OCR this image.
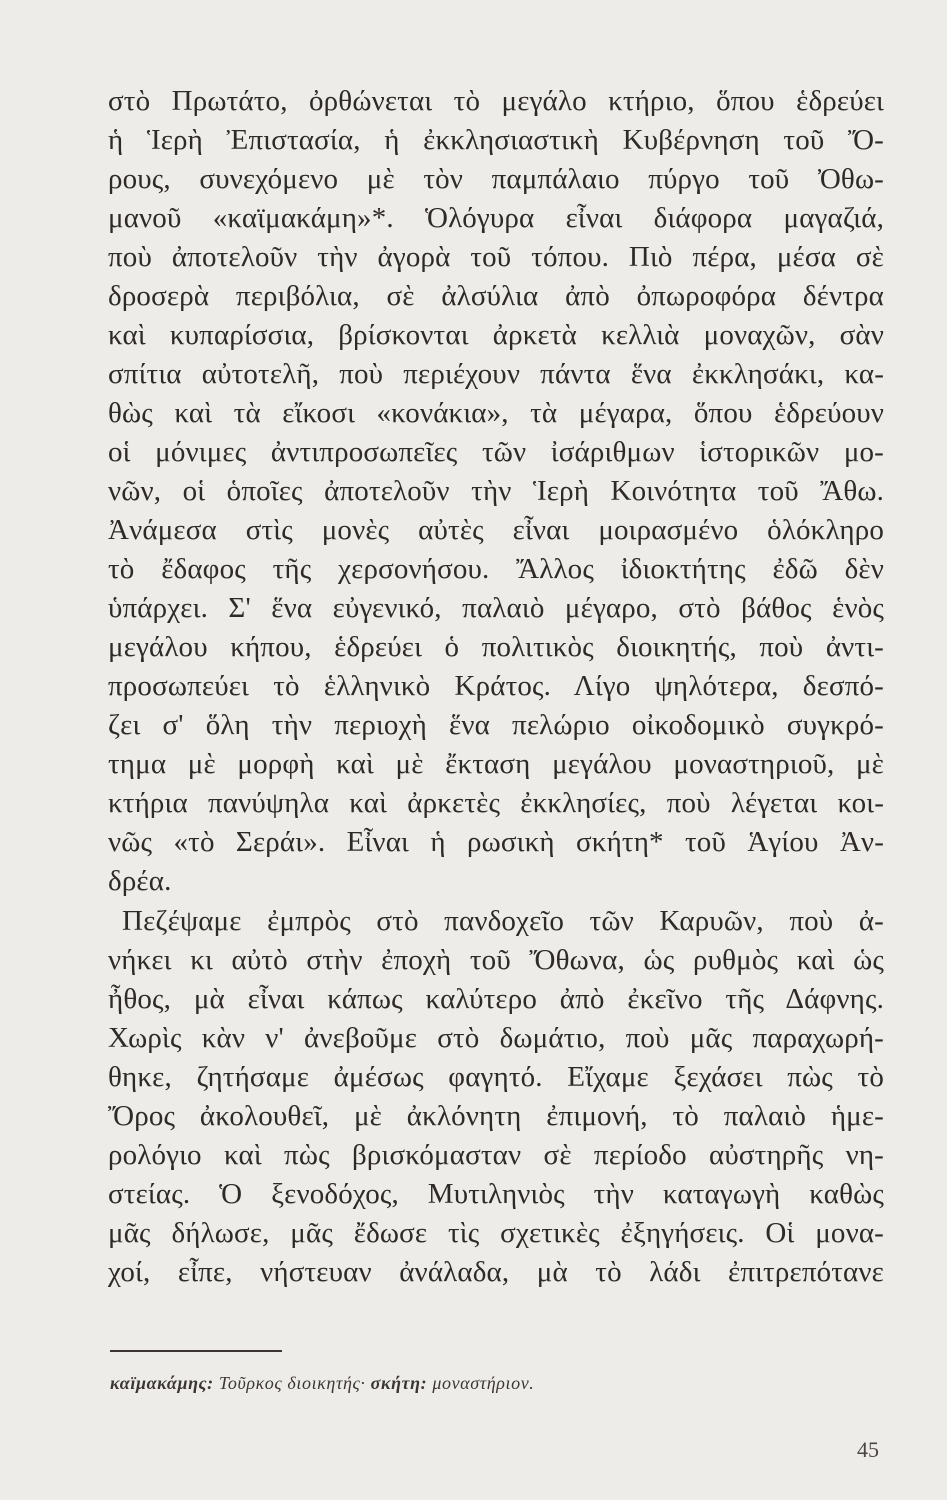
στὸ Πρωτάτο, ὀρθώνεται τὸ μεγάλο κτήριο, ὅπου ἑδρεύει
ἡ Ἱερὴ Ἐπιστασία, ἡ ἐκκλησιαστικὴ Κυβέρνηση τοῦ Ὄ-
ρους, συνεχόμενο μὲ τὸν παμπάλαιο πύργο τοῦ Ὀθω-
μανοῦ «καϊμακάμη»*. Ὁλόγυρα εἶναι διάφορα μαγαζιά,
ποὺ ἀποτελοῦν τὴν ἀγορὰ τοῦ τόπου. Πιὸ πέρα, μέσα σὲ
δροσερὰ περιβόλια, σὲ ἀλσύλια ἀπὸ ὀπωροφόρα δέντρα
καὶ κυπαρίσσια, βρίσκονται ἀρκετὰ κελλιὰ μοναχῶν, σὰν
σπίτια αὐτοτελῆ, ποὺ περιέχουν πάντα ἕνα ἐκκλησάκι, κα-
θὼς καὶ τὰ εἴκοσι «κονάκια», τὰ μέγαρα, ὅπου ἑδρεύουν
οἱ μόνιμες ἀντιπροσωπεῖες τῶν ἰσάριθμων ἱστορικῶν μο-
νῶν, οἱ ὁποῖες ἀποτελοῦν τὴν Ἱερὴ Κοινότητα τοῦ Ἄθω.
Ἀνάμεσα στὶς μονὲς αὐτὲς εἶναι μοιρασμένο ὁλόκληρο
τὸ ἔδαφος τῆς χερσονήσου. Ἄλλος ἰδιοκτήτης ἐδῶ δὲν
ὑπάρχει. Σ' ἕνα εὐγενικό, παλαιὸ μέγαρο, στὸ βάθος ἑνὸς
μεγάλου κήπου, ἑδρεύει ὁ πολιτικὸς διοικητής, ποὺ ἀντι-
προσωπεύει τὸ ἑλληνικὸ Κράτος. Λίγο ψηλότερα, δεσπό-
ζει σ' ὅλη τὴν περιοχὴ ἕνα πελώριο οἰκοδομικὸ συγκρό-
τημα μὲ μορφὴ καὶ μὲ ἔκταση μεγάλου μοναστηριοῦ, μὲ
κτήρια πανύψηλα καὶ ἀρκετὲς ἐκκλησίες, ποὺ λέγεται κοι-
νῶς «τὸ Σεράι». Εἶναι ἡ ρωσικὴ σκήτη* τοῦ Ἁγίου Ἀν-
δρέα.
Πεζέψαμε ἐμπρὸς στὸ πανδοχεῖο τῶν Καρυῶν, ποὺ ἀ-
νήκει κι αὐτὸ στὴν ἐποχὴ τοῦ Ὄθωνα, ὡς ρυθμὸς καὶ ὡς
ἦθος, μὰ εἶναι κάπως καλύτερο ἀπὸ ἐκεῖνο τῆς Δάφνης.
Χωρὶς κὰν ν' ἀνεβοῦμε στὸ δωμάτιο, ποὺ μᾶς παραχωρή-
θηκε, ζητήσαμε ἀμέσως φαγητό. Εἴχαμε ξεχάσει πὼς τὸ
Ὄρος ἀκολουθεῖ, μὲ ἀκλόνητη ἐπιμονή, τὸ παλαιὸ ἡμε-
ρολόγιο καὶ πὼς βρισκόμασταν σὲ περίοδο αὐστηρῆς νη-
στείας. Ὁ ξενοδόχος, Μυτιληνιὸς τὴν καταγωγὴ καθὼς
μᾶς δήλωσε, μᾶς ἔδωσε τὶς σχετικὲς ἐξηγήσεις. Οἱ μονα-
χοί, εἶπε, νήστευαν ἀνάλαδα, μὰ τὸ λάδι ἐπιτρεπότανε
καϊμακάμης: Τοῦρκος διοικητής· σκήτη: μοναστήριον.
45
